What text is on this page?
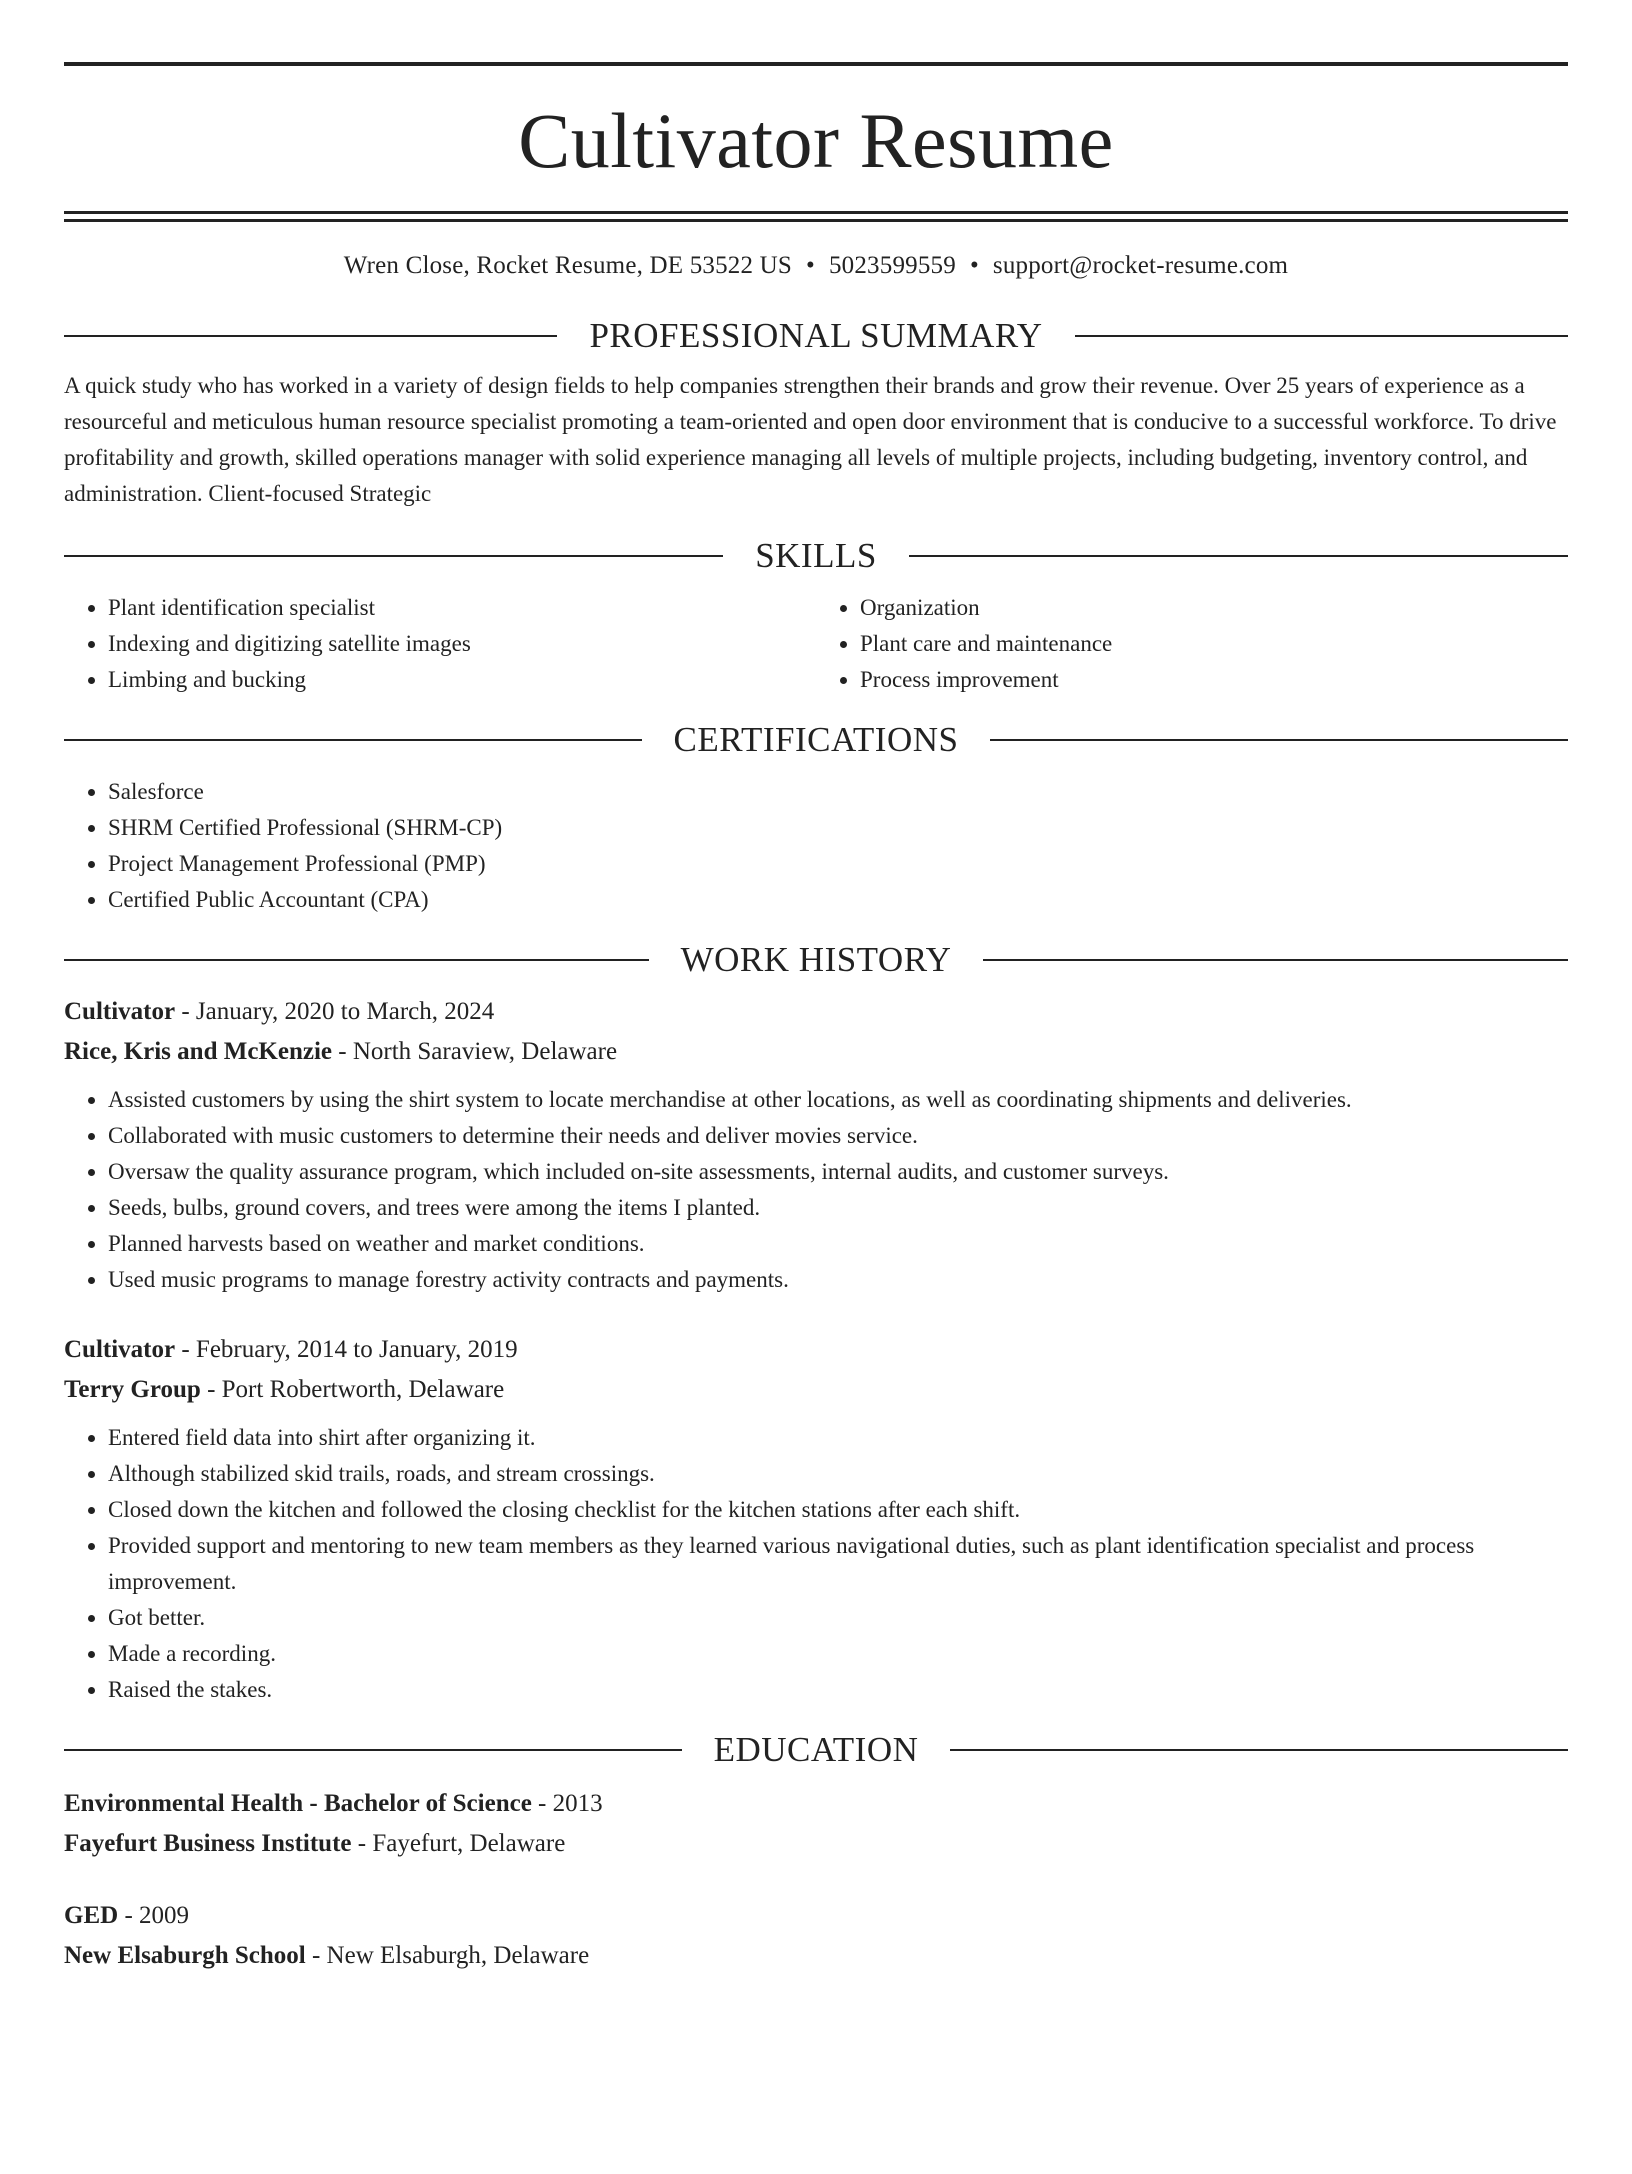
Cultivator Resume
Wren Close, Rocket Resume, DE 53522 US • 5023599559 • support@rocket-resume.com
PROFESSIONAL SUMMARY
A quick study who has worked in a variety of design fields to help companies strengthen their brands and grow their revenue. Over 25 years of experience as a resourceful and meticulous human resource specialist promoting a team-oriented and open door environment that is conducive to a successful workforce. To drive profitability and growth, skilled operations manager with solid experience managing all levels of multiple projects, including budgeting, inventory control, and administration. Client-focused Strategic
SKILLS
• Plant identification specialist
• Indexing and digitizing satellite images
• Limbing and bucking
• Organization
• Plant care and maintenance
• Process improvement
CERTIFICATIONS
• Salesforce
• SHRM Certified Professional (SHRM-CP)
• Project Management Professional (PMP)
• Certified Public Accountant (CPA)
WORK HISTORY
Cultivator - January, 2020 to March, 2024
Rice, Kris and McKenzie - North Saraview, Delaware
• Assisted customers by using the shirt system to locate merchandise at other locations, as well as coordinating shipments and deliveries.
• Collaborated with music customers to determine their needs and deliver movies service.
• Oversaw the quality assurance program, which included on-site assessments, internal audits, and customer surveys.
• Seeds, bulbs, ground covers, and trees were among the items I planted.
• Planned harvests based on weather and market conditions.
• Used music programs to manage forestry activity contracts and payments.
Cultivator - February, 2014 to January, 2019
Terry Group - Port Robertworth, Delaware
• Entered field data into shirt after organizing it.
• Although stabilized skid trails, roads, and stream crossings.
• Closed down the kitchen and followed the closing checklist for the kitchen stations after each shift.
• Provided support and mentoring to new team members as they learned various navigational duties, such as plant identification specialist and process improvement.
• Got better.
• Made a recording.
• Raised the stakes.
EDUCATION
Environmental Health - Bachelor of Science - 2013
Fayefurt Business Institute - Fayefurt, Delaware
GED - 2009
New Elsaburgh School - New Elsaburgh, Delaware
